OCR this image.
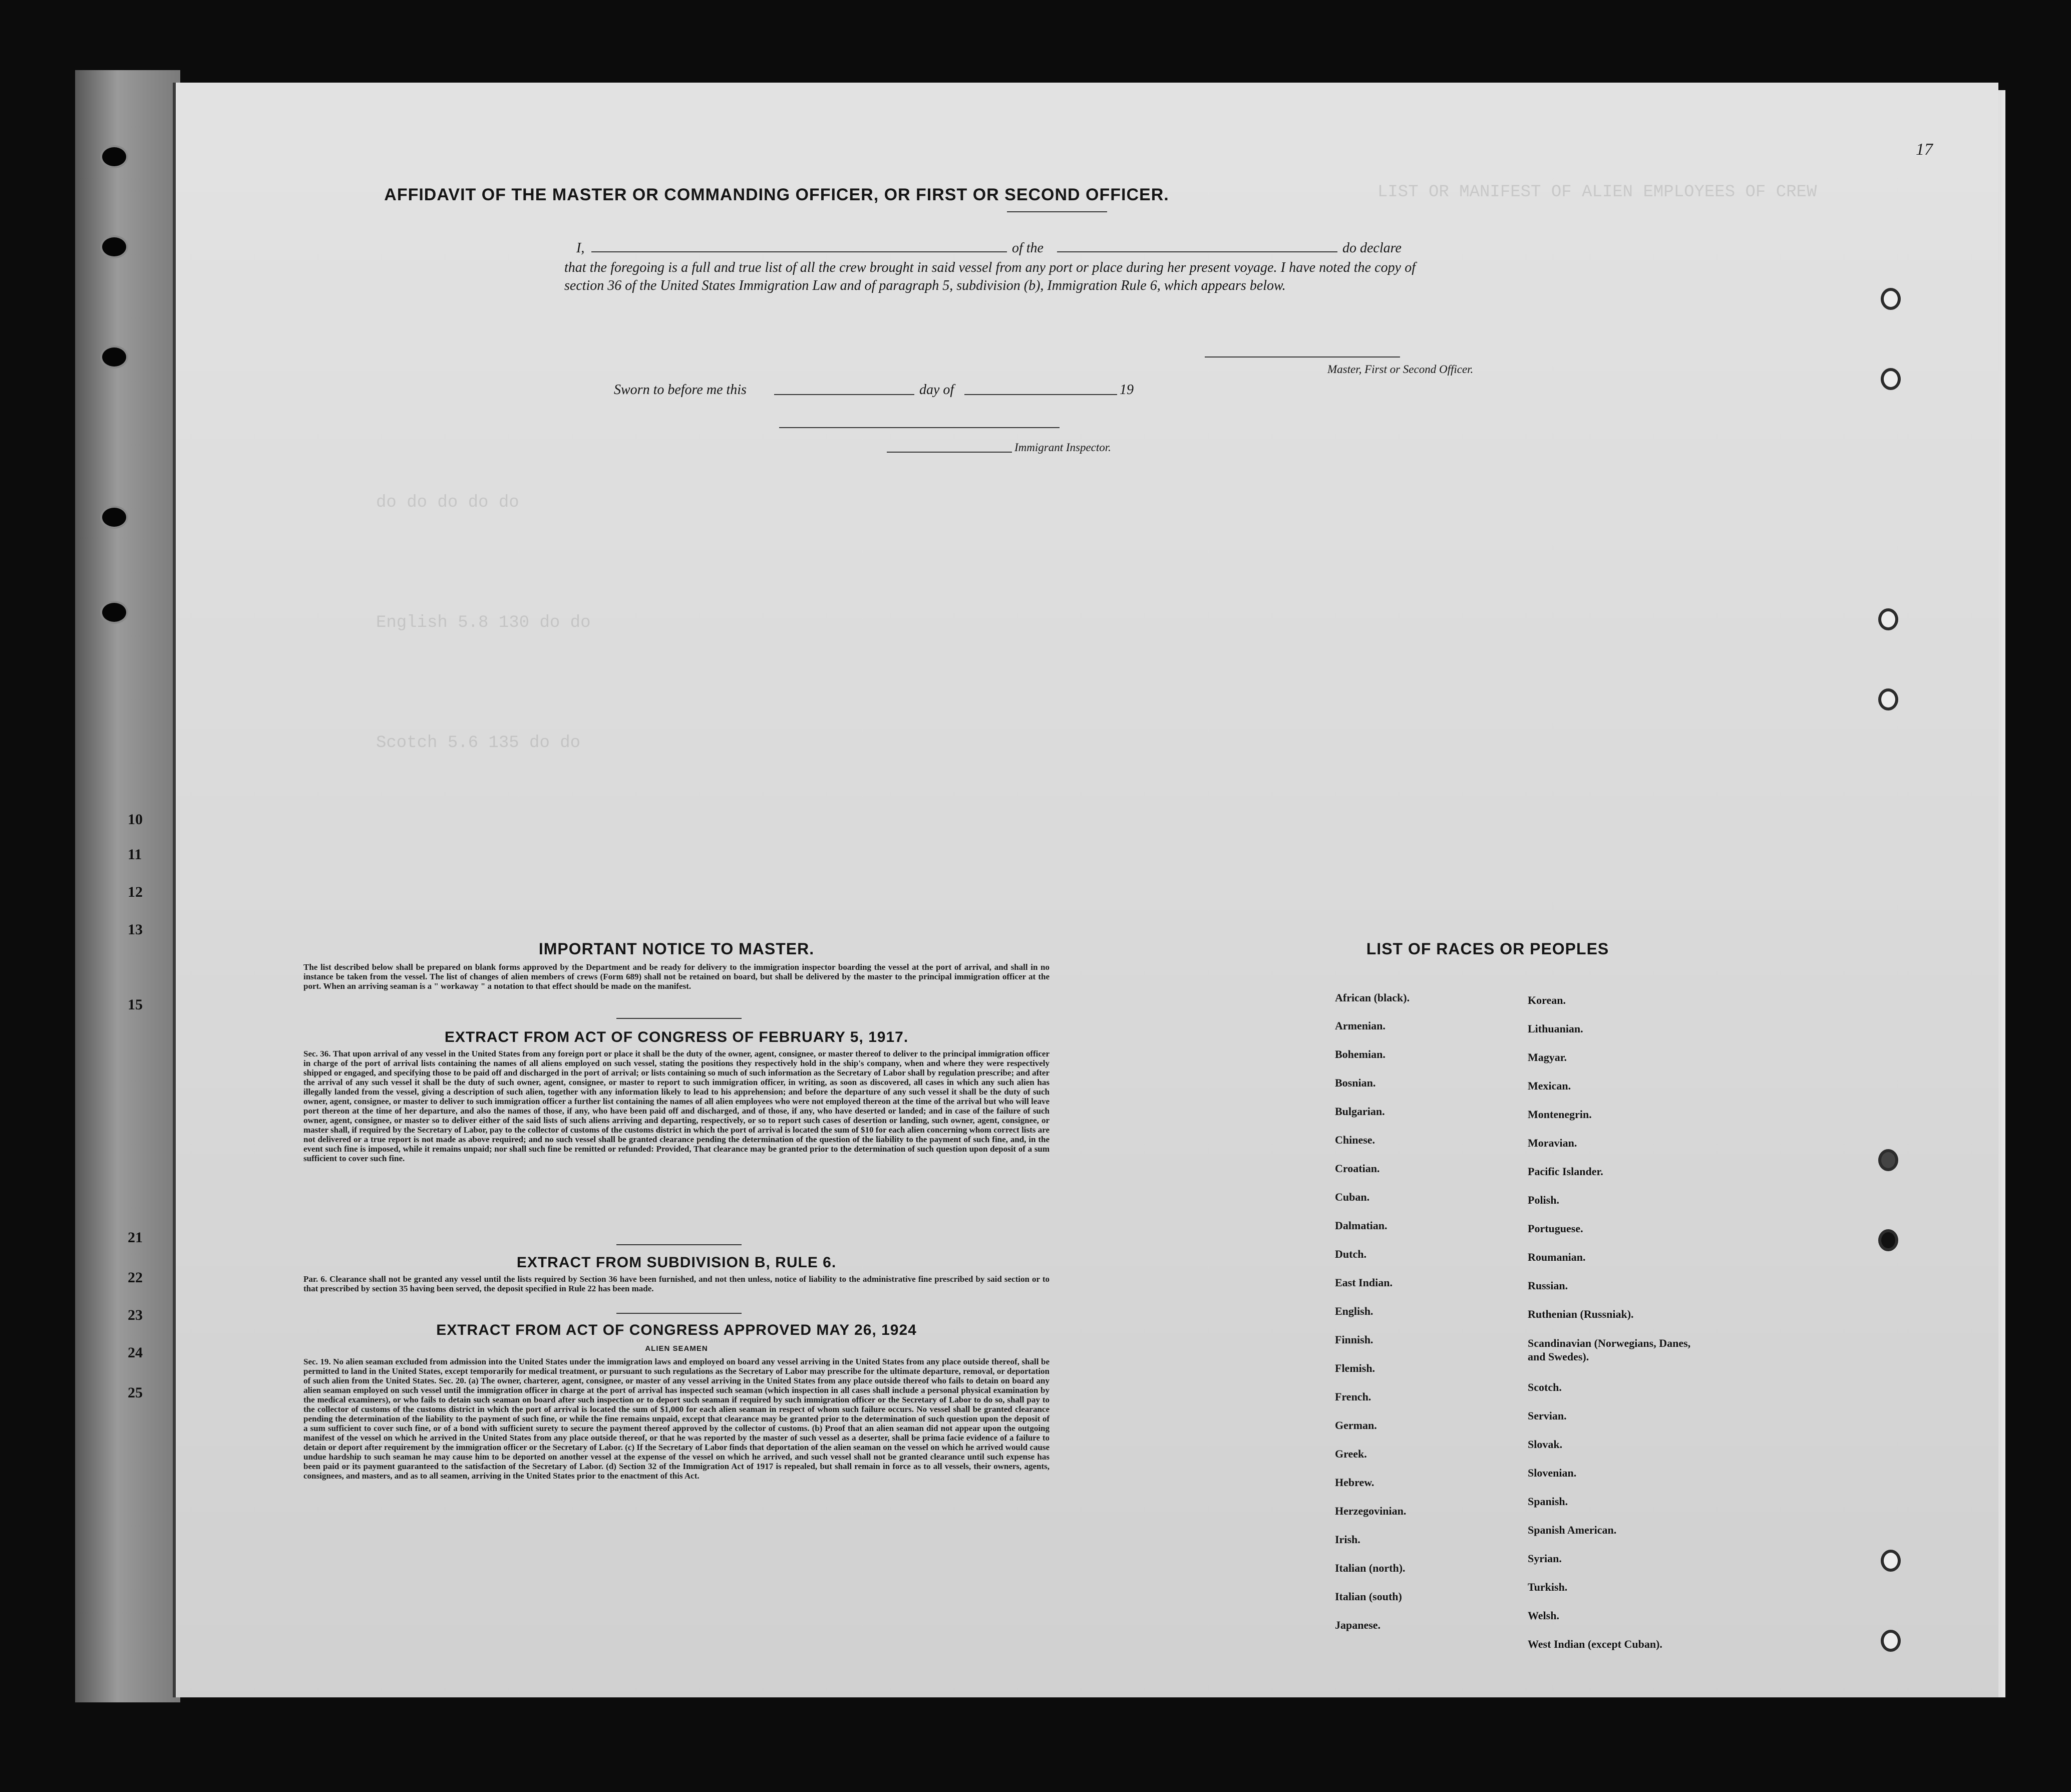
10
11
12
13
15
21
22
23
24
25
LIST OR MANIFEST OF ALIEN EMPLOYEES OF CREW
do do do do do
English 5.8 130 do do
Scotch 5.6 135 do do
17
AFFIDAVIT OF THE MASTER OR COMMANDING OFFICER, OR FIRST OR SECOND OFFICER.
I,	of the	do declare

that the foregoing is a full and true list of all the crew brought in said vessel from any port or place during her present voyage. I have noted the copy of section 36 of the United States Immigration Law and of paragraph 5, subdivision (b), Immigration Rule 6, which appears below.

Master, First or Second Officer.
Sworn to before me this	day of	19
Immigrant Inspector.
IMPORTANT NOTICE TO MASTER.

The list described below shall be prepared on blank forms approved by the Department and be ready for delivery to the immigration inspector boarding the vessel at the port of arrival, and shall in no instance be taken from the vessel. The list of changes of alien members of crews (Form 689) shall not be retained on board, but shall be delivered by the master to the principal immigration officer at the port. When an arriving seaman is a " workaway " a notation to that effect should be made on the manifest.

EXTRACT FROM ACT OF CONGRESS OF FEBRUARY 5, 1917.

Sec. 36. That upon arrival of any vessel in the United States from any foreign port or place it shall be the duty of the owner, agent, consignee, or master thereof to deliver to the principal immigration officer in charge of the port of arrival lists containing the names of all aliens employed on such vessel, stating the positions they respectively hold in the ship's company, when and where they were respectively shipped or engaged, and specifying those to be paid off and discharged in the port of arrival; or lists containing so much of such information as the Secretary of Labor shall by regulation prescribe; and after the arrival of any such vessel it shall be the duty of such owner, agent, consignee, or master to report to such immigration officer, in writing, as soon as discovered, all cases in which any such alien has illegally landed from the vessel, giving a description of such alien, together with any information likely to lead to his apprehension; and before the departure of any such vessel it shall be the duty of such owner, agent, consignee, or master to deliver to such immigration officer a further list containing the names of all alien employees who were not employed thereon at the time of the arrival but who will leave port thereon at the time of her departure, and also the names of those, if any, who have been paid off and discharged, and of those, if any, who have deserted or landed; and in case of the failure of such owner, agent, consignee, or master so to deliver either of the said lists of such aliens arriving and departing, respectively, or so to report such cases of desertion or landing, such owner, agent, consignee, or master shall, if required by the Secretary of Labor, pay to the collector of customs of the customs district in which the port of arrival is located the sum of $10 for each alien concerning whom correct lists are not delivered or a true report is not made as above required; and no such vessel shall be granted clearance pending the determination of the question of the liability to the payment of such fine, and, in the event such fine is imposed, while it remains unpaid; nor shall such fine be remitted or refunded: Provided, That clearance may be granted prior to the determination of such question upon deposit of a sum sufficient to cover such fine.

EXTRACT FROM SUBDIVISION B, RULE 6.

Par. 6. Clearance shall not be granted any vessel until the lists required by Section 36 have been furnished, and not then unless, notice of liability to the administrative fine prescribed by said section or to that prescribed by section 35 having been served, the deposit specified in Rule 22 has been made.

EXTRACT FROM ACT OF CONGRESS APPROVED MAY 26, 1924
ALIEN SEAMEN

Sec. 19. No alien seaman excluded from admission into the United States under the immigration laws and employed on board any vessel arriving in the United States from any place outside thereof, shall be permitted to land in the United States, except temporarily for medical treatment, or pursuant to such regulations as the Secretary of Labor may prescribe for the ultimate departure, removal, or deportation of such alien from the United States. Sec. 20. (a) The owner, charterer, agent, consignee, or master of any vessel arriving in the United States from any place outside thereof who fails to detain on board any alien seaman employed on such vessel until the immigration officer in charge at the port of arrival has inspected such seaman (which inspection in all cases shall include a personal physical examination by the medical examiners), or who fails to detain such seaman on board after such inspection or to deport such seaman if required by such immigration officer or the Secretary of Labor to do so, shall pay to the collector of customs of the customs district in which the port of arrival is located the sum of $1,000 for each alien seaman in respect of whom such failure occurs. No vessel shall be granted clearance pending the determination of the liability to the payment of such fine, or while the fine remains unpaid, except that clearance may be granted prior to the determination of such question upon the deposit of a sum sufficient to cover such fine, or of a bond with sufficient surety to secure the payment thereof approved by the collector of customs. (b) Proof that an alien seaman did not appear upon the outgoing manifest of the vessel on which he arrived in the United States from any place outside thereof, or that he was reported by the master of such vessel as a deserter, shall be prima facie evidence of a failure to detain or deport after requirement by the immigration officer or the Secretary of Labor. (c) If the Secretary of Labor finds that deportation of the alien seaman on the vessel on which he arrived would cause undue hardship to such seaman he may cause him to be deported on another vessel at the expense of the vessel on which he arrived, and such vessel shall not be granted clearance until such expense has been paid or its payment guaranteed to the satisfaction of the Secretary of Labor. (d) Section 32 of the Immigration Act of 1917 is repealed, but shall remain in force as to all vessels, their owners, agents, consignees, and masters, and as to all seamen, arriving in the United States prior to the enactment of this Act.

LIST OF RACES OR PEOPLES
African (black).
Armenian.
Bohemian.
Bosnian.
Bulgarian.
Chinese.
Croatian.
Cuban.
Dalmatian.
Dutch.
East Indian.
English.
Finnish.
Flemish.
French.
German.
Greek.
Hebrew.
Herzegovinian.
Irish.
Italian (north).
Italian (south)
Japanese.
Korean.
Lithuanian.
Magyar.
Mexican.
Montenegrin.
Moravian.
Pacific Islander.
Polish.
Portuguese.
Roumanian.
Russian.
Ruthenian (Russniak).
Scandinavian (Norwegians, Danes, and Swedes).
Scotch.
Servian.
Slovak.
Slovenian.
Spanish.
Spanish American.
Syrian.
Turkish.
Welsh.
West Indian (except Cuban).
